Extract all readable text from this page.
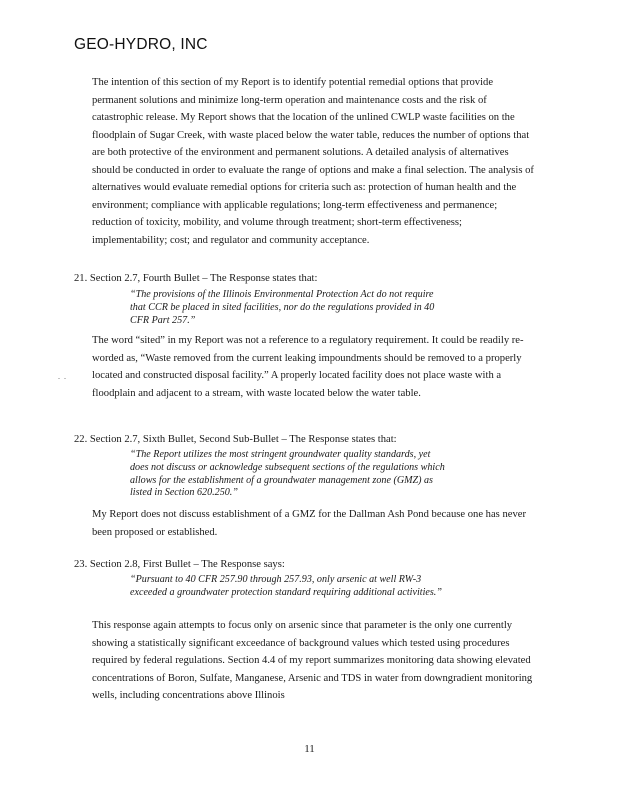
GEO-HYDRO, INC

The intention of this section of my Report is to identify potential remedial options that provide permanent solutions and minimize long-term operation and maintenance costs and the risk of catastrophic release. My Report shows that the location of the unlined CWLP waste facilities on the floodplain of Sugar Creek, with waste placed below the water table, reduces the number of options that are both protective of the environment and permanent solutions. A detailed analysis of alternatives should be conducted in order to evaluate the range of options and make a final selection. The analysis of alternatives would evaluate remedial options for criteria such as: protection of human health and the environment; compliance with applicable regulations; long-term effectiveness and permanence; reduction of toxicity, mobility, and volume through treatment; short-term effectiveness; implementability; cost; and regulator and community acceptance.

21. Section 2.7, Fourth Bullet – The Response states that:

“The provisions of the Illinois Environmental Protection Act do not require that CCR be placed in sited facilities, nor do the regulations provided in 40 CFR Part 257.”

The word “sited” in my Report was not a reference to a regulatory requirement. It could be readily re-worded as, “Waste removed from the current leaking impoundments should be removed to a properly located and constructed disposal facility.” A properly located facility does not place waste with a floodplain and adjacent to a stream, with waste located below the water table.

. .

22. Section 2.7, Sixth Bullet, Second Sub-Bullet – The Response states that:

“The Report utilizes the most stringent groundwater quality standards, yet does not discuss or acknowledge subsequent sections of the regulations which allows for the establishment of a groundwater management zone (GMZ) as listed in Section 620.250.”

My Report does not discuss establishment of a GMZ for the Dallman Ash Pond because one has never been proposed or established.

23. Section 2.8, First Bullet – The Response says:

“Pursuant to 40 CFR 257.90 through 257.93, only arsenic at well RW-3 exceeded a groundwater protection standard requiring additional activities.”

This response again attempts to focus only on arsenic since that parameter is the only one currently showing a statistically significant exceedance of background values which tested using procedures required by federal regulations. Section 4.4 of my report summarizes monitoring data showing elevated concentrations of Boron, Sulfate, Manganese, Arsenic and TDS in water from downgradient monitoring wells, including concentrations above Illinois

11
